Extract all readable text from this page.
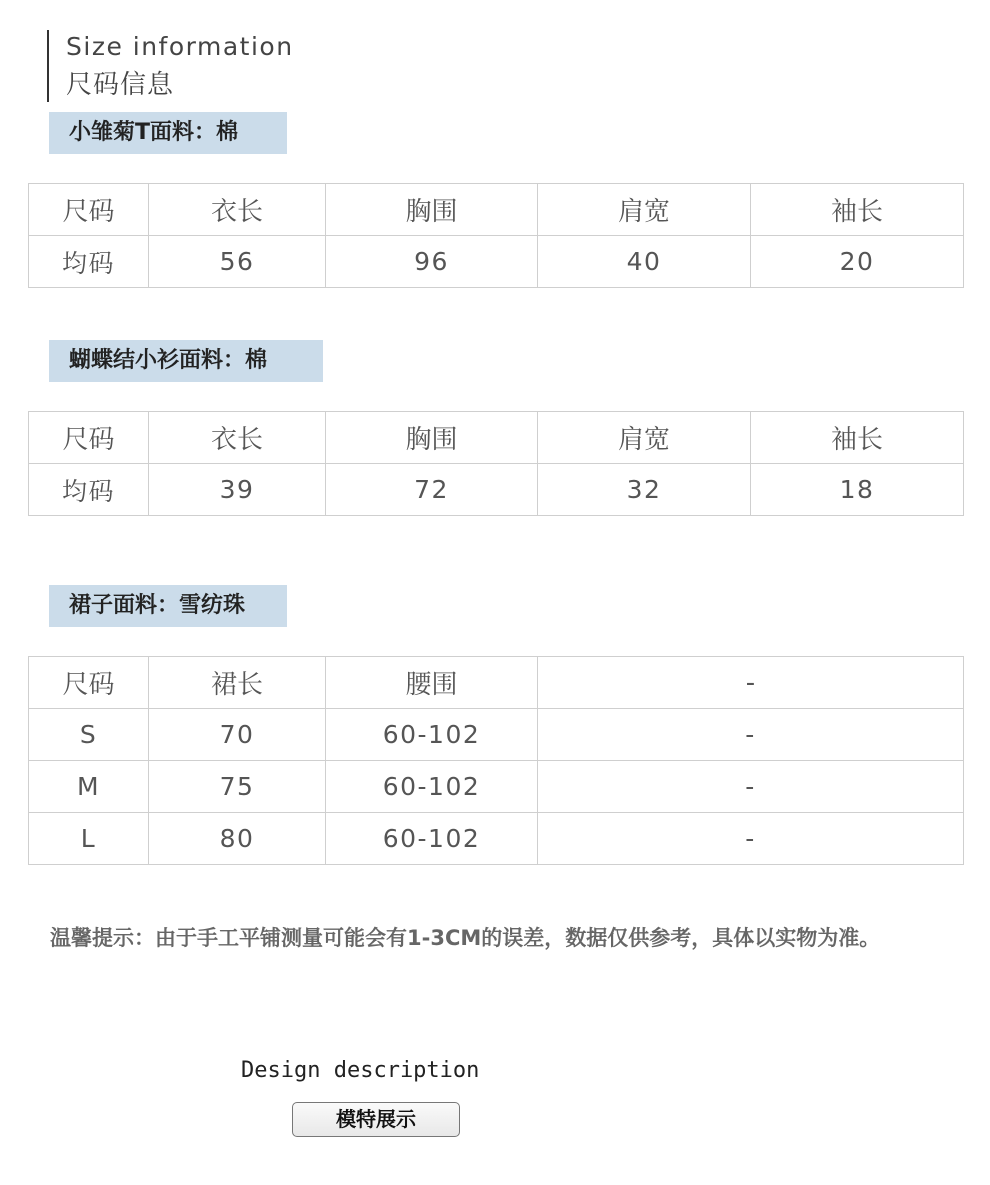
Size information
尺码信息
小雏菊T面料：棉
尺码	衣长	胸围	肩宽	袖长
均码	56	96	40	20
蝴蝶结小衫面料：棉
尺码	衣长	胸围	肩宽	袖长
均码	39	72	32	18
裙子面料：雪纺珠
尺码	裙长	腰围	-
S	70	60-102	-
M	75	60-102	-
L	80	60-102	-
温馨提示：由于手工平铺测量可能会有1-3CM的误差，数据仅供参考，具体以实物为准。
Design description
模特展示
